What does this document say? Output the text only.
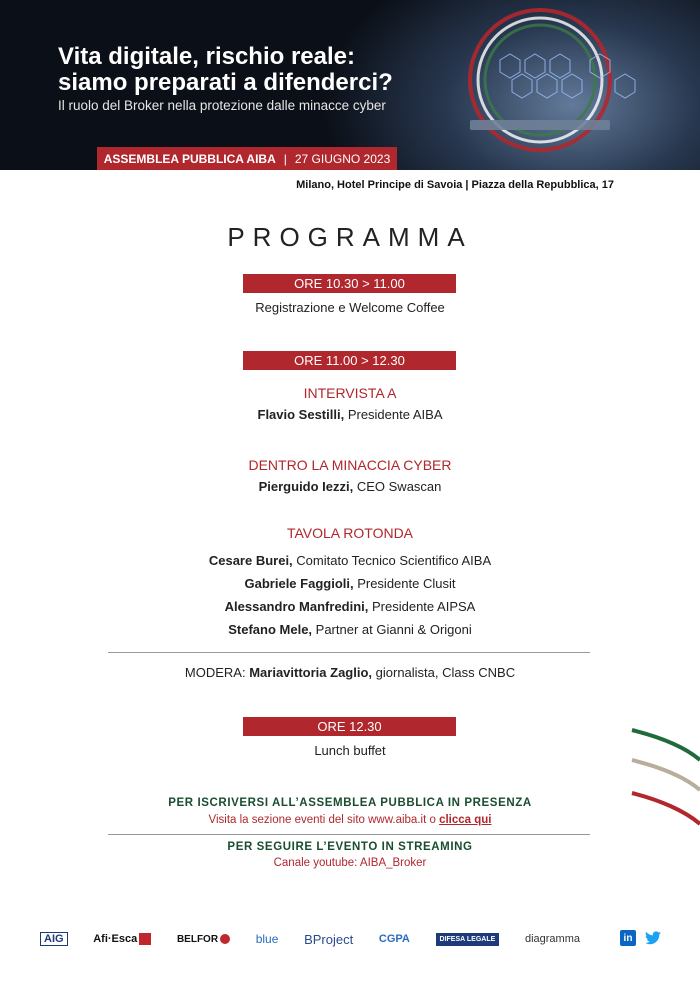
Vita digitale, rischio reale:
siamo preparati a difenderci?
Il ruolo del Broker nella protezione dalle minacce cyber
ASSEMBLEA PUBBLICA AIBA | 27 GIUGNO 2023
Milano, Hotel Principe di Savoia | Piazza della Repubblica, 17
PROGRAMMA
ORE 10.30 > 11.00
Registrazione e Welcome Coffee
ORE 11.00 > 12.30
INTERVISTA A
Flavio Sestilli, Presidente AIBA
DENTRO LA MINACCIA CYBER
Pierguido Iezzi, CEO Swascan
TAVOLA ROTONDA
Cesare Burei, Comitato Tecnico Scientifico AIBA
Gabriele Faggioli, Presidente Clusit
Alessandro Manfredini, Presidente AIPSA
Stefano Mele, Partner at Gianni & Origoni
MODERA: Mariavittoria Zaglio, giornalista, Class CNBC
ORE 12.30
Lunch buffet
PER ISCRIVERSI ALL’ASSEMBLEA PUBBLICA IN PRESENZA
Visita la sezione eventi del sito www.aiba.it o clicca qui
PER SEGUIRE L’EVENTO IN STREAMING
Canale youtube: AIBA_Broker
AIG	Afi·Esca	BELFOR	blue BProject CGPA	DIFESA LEGALE	diagramma	in
